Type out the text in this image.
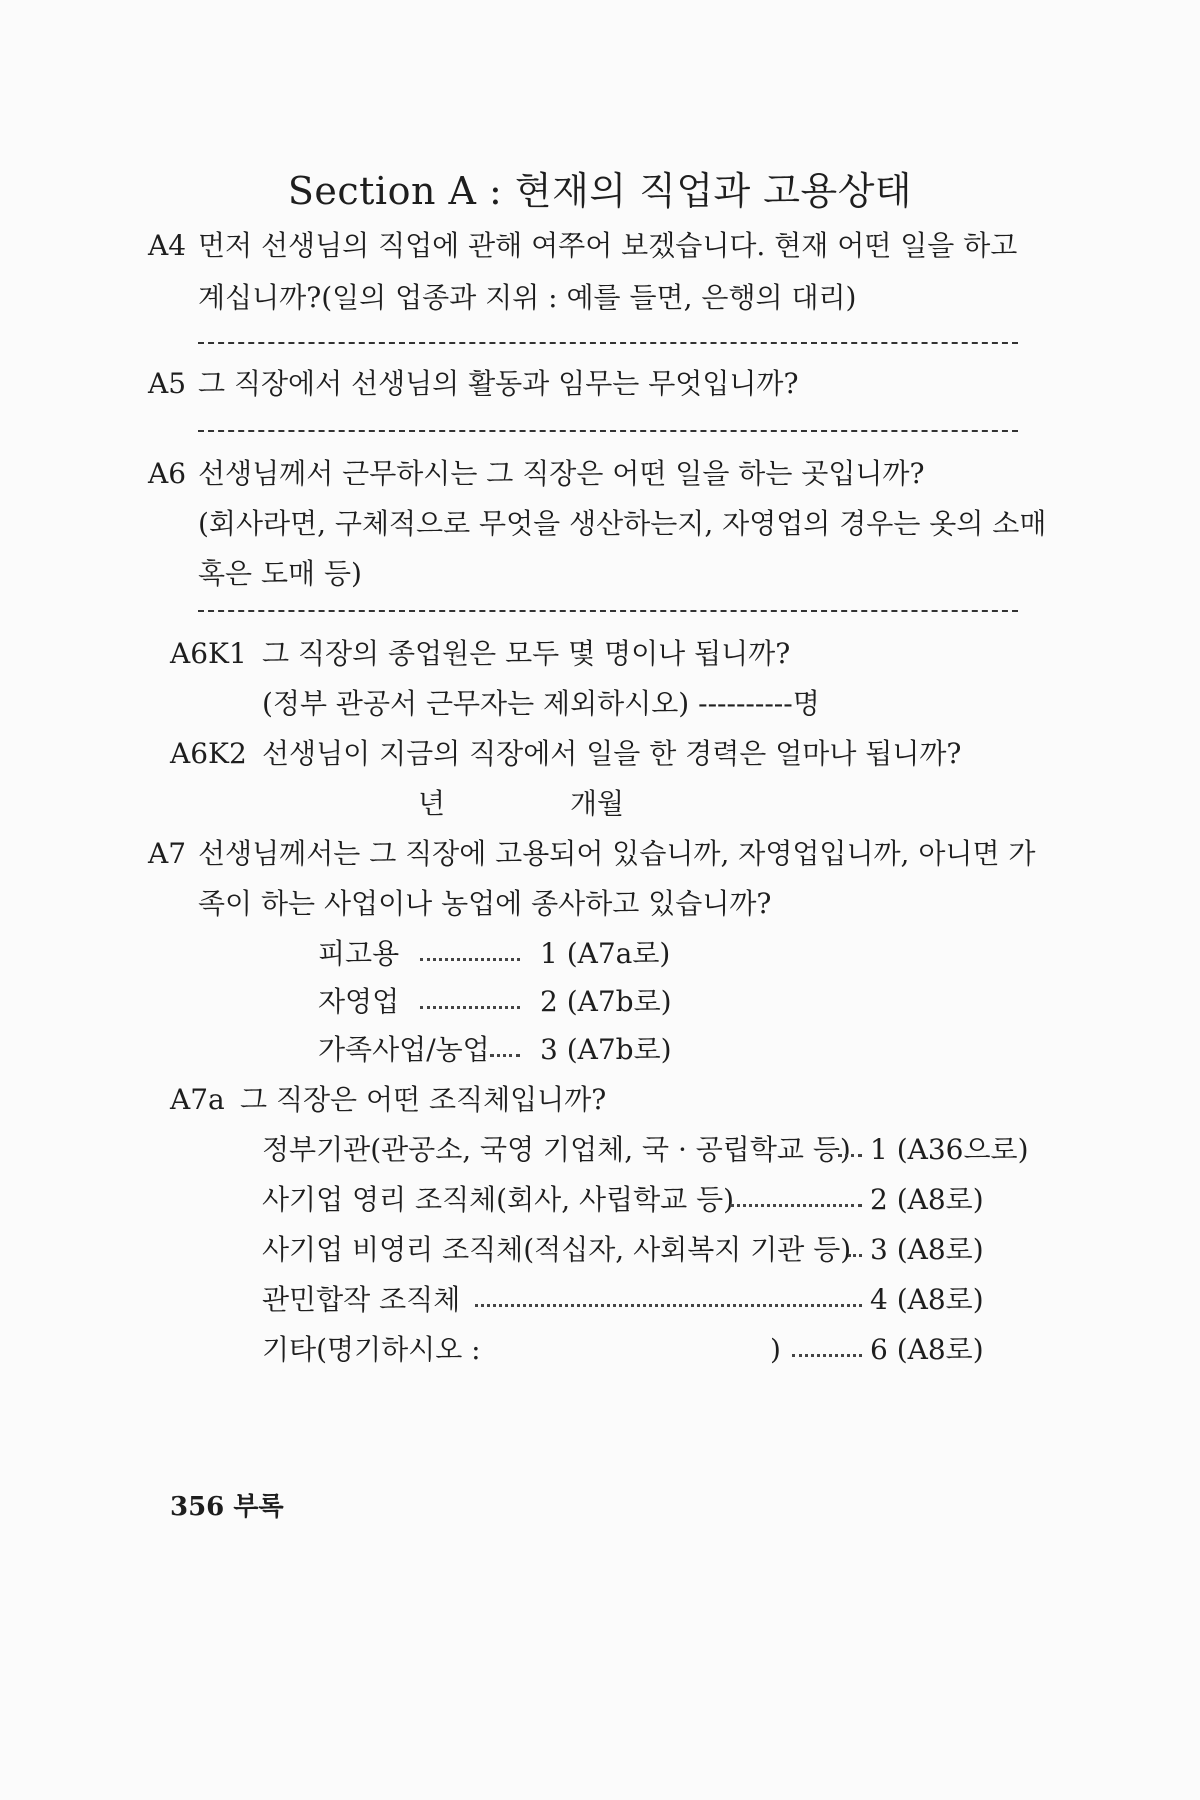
Section A : 현재의 직업과 고용상태
A4 먼저 선생님의 직업에 관해 여쭈어 보겠습니다. 현재 어떤 일을 하고
계십니까?(일의 업종과 지위 : 예를 들면, 은행의 대리)
A5 그 직장에서 선생님의 활동과 임무는 무엇입니까?
A6 선생님께서 근무하시는 그 직장은 어떤 일을 하는 곳입니까?
(회사라면, 구체적으로 무엇을 생산하는지, 자영업의 경우는 옷의 소매
혹은 도매 등)
A6K1 그 직장의 종업원은 모두 몇 명이나 됩니까?
(정부 관공서 근무자는 제외하시오) ----------명
A6K2 선생님이 지금의 직장에서 일을 한 경력은 얼마나 됩니까?
년	개월
A7 선생님께서는 그 직장에 고용되어 있습니까, 자영업입니까, 아니면 가
족이 하는 사업이나 농업에 종사하고 있습니까?
피고용	1 (A7a로)
자영업	2 (A7b로)
가족사업/농업 3 (A7b로)
A7a 그 직장은 어떤 조직체입니까?
정부기관(관공소, 국영 기업체, 국 · 공립학교 등) 1 (A36으로)
사기업 영리 조직체(회사, 사립학교 등)	2 (A8로)
사기업 비영리 조직체(적십자, 사회복지 기관 등) 3 (A8로)
관민합작 조직체	4 (A8로)
기타(명기하시오 :	)	6 (A8로)
356 부록
